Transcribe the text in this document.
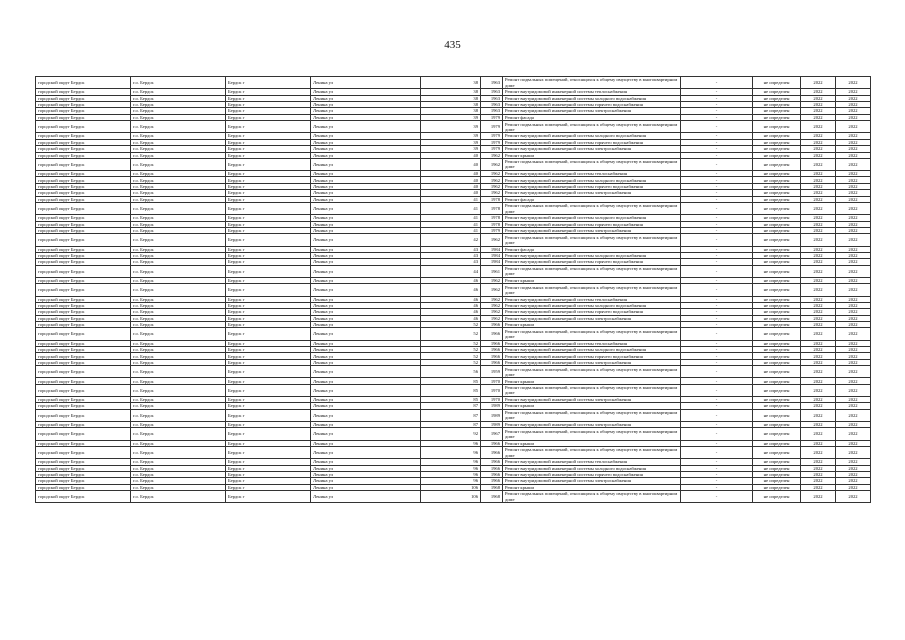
435
городской округ Бердск	г.о. Бердск	Бердск г	Ленина ул	38	1963	Ремонт подвальных помещений, относящихся к общему имуществу в многоквартирном доме	-	не определен	2022	2022
городской округ Бердск	г.о. Бердск	Бердск г	Ленина ул	38	1963	Ремонт внутридомовой инженерной системы теплоснабжения	-	не определен	2022	2022
городской округ Бердск	г.о. Бердск	Бердск г	Ленина ул	38	1963	Ремонт внутридомовой инженерной системы холодного водоснабжения	-	не определен	2022	2022
городской округ Бердск	г.о. Бердск	Бердск г	Ленина ул	38	1963	Ремонт внутридомовой инженерной системы горячего водоснабжения	-	не определен	2022	2022
городской округ Бердск	г.о. Бердск	Бердск г	Ленина ул	38	1963	Ремонт внутридомовой инженерной системы электроснабжения	-	не определен	2022	2022
городской округ Бердск	г.о. Бердск	Бердск г	Ленина ул	39	1979	Ремонт фасада	-	не определен	2022	2022
городской округ Бердск	г.о. Бердск	Бердск г	Ленина ул	39	1979	Ремонт подвальных помещений, относящихся к общему имуществу в многоквартирном доме	-	не определен	2022	2022
городской округ Бердск	г.о. Бердск	Бердск г	Ленина ул	39	1979	Ремонт внутридомовой инженерной системы холодного водоснабжения	-	не определен	2022	2022
городской округ Бердск	г.о. Бердск	Бердск г	Ленина ул	39	1979	Ремонт внутридомовой инженерной системы горячего водоснабжения	-	не определен	2022	2022
городской округ Бердск	г.о. Бердск	Бердск г	Ленина ул	39	1979	Ремонт внутридомовой инженерной системы электроснабжения	-	не определен	2022	2022
городской округ Бердск	г.о. Бердск	Бердск г	Ленина ул	40	1962	Ремонт крыши	-	не определен	2022	2022
городской округ Бердск	г.о. Бердск	Бердск г	Ленина ул	40	1962	Ремонт подвальных помещений, относящихся к общему имуществу в многоквартирном доме	-	не определен	2022	2022
городской округ Бердск	г.о. Бердск	Бердск г	Ленина ул	40	1962	Ремонт внутридомовой инженерной системы теплоснабжения	-	не определен	2022	2022
городской округ Бердск	г.о. Бердск	Бердск г	Ленина ул	40	1962	Ремонт внутридомовой инженерной системы холодного водоснабжения	-	не определен	2022	2022
городской округ Бердск	г.о. Бердск	Бердск г	Ленина ул	40	1962	Ремонт внутридомовой инженерной системы горячего водоснабжения	-	не определен	2022	2022
городской округ Бердск	г.о. Бердск	Бердск г	Ленина ул	40	1962	Ремонт внутридомовой инженерной системы электроснабжения	-	не определен	2022	2022
городской округ Бердск	г.о. Бердск	Бердск г	Ленина ул	41	1978	Ремонт фасада	-	не определен	2022	2022
городской округ Бердск	г.о. Бердск	Бердск г	Ленина ул	41	1978	Ремонт подвальных помещений, относящихся к общему имуществу в многоквартирном доме	-	не определен	2022	2022
городской округ Бердск	г.о. Бердск	Бердск г	Ленина ул	41	1978	Ремонт внутридомовой инженерной системы холодного водоснабжения	-	не определен	2022	2022
городской округ Бердск	г.о. Бердск	Бердск г	Ленина ул	41	1978	Ремонт внутридомовой инженерной системы горячего водоснабжения	-	не определен	2022	2022
городской округ Бердск	г.о. Бердск	Бердск г	Ленина ул	41	1979	Ремонт внутридомовой инженерной системы электроснабжения	-	не определен	2022	2022
городской округ Бердск	г.о. Бердск	Бердск г	Ленина ул	42	1962	Ремонт подвальных помещений, относящихся к общему имуществу в многоквартирном доме	-	не определен	2022	2022
городской округ Бердск	г.о. Бердск	Бердск г	Ленина ул	43	1984	Ремонт фасада	-	не определен	2022	2022
городской округ Бердск	г.о. Бердск	Бердск г	Ленина ул	43	1984	Ремонт внутридомовой инженерной системы холодного водоснабжения	-	не определен	2022	2022
городской округ Бердск	г.о. Бердск	Бердск г	Ленина ул	43	1984	Ремонт внутридомовой инженерной системы горячего водоснабжения	-	не определен	2022	2022
городской округ Бердск	г.о. Бердск	Бердск г	Ленина ул	44	1961	Ремонт подвальных помещений, относящихся к общему имуществу в многоквартирном доме	-	не определен	2022	2022
городской округ Бердск	г.о. Бердск	Бердск г	Ленина ул	46	1962	Ремонт крыши	-	не определен	2022	2022
городской округ Бердск	г.о. Бердск	Бердск г	Ленина ул	46	1962	Ремонт подвальных помещений, относящихся к общему имуществу в многоквартирном доме	-	не определен	2022	2022
городской округ Бердск	г.о. Бердск	Бердск г	Ленина ул	46	1962	Ремонт внутридомовой инженерной системы теплоснабжения	-	не определен	2022	2022
городской округ Бердск	г.о. Бердск	Бердск г	Ленина ул	46	1962	Ремонт внутридомовой инженерной системы холодного водоснабжения	-	не определен	2022	2022
городской округ Бердск	г.о. Бердск	Бердск г	Ленина ул	46	1962	Ремонт внутридомовой инженерной системы горячего водоснабжения	-	не определен	2022	2022
городской округ Бердск	г.о. Бердск	Бердск г	Ленина ул	46	1962	Ремонт внутридомовой инженерной системы электроснабжения	-	не определен	2022	2022
городской округ Бердск	г.о. Бердск	Бердск г	Ленина ул	52	1966	Ремонт крыши	-	не определен	2022	2022
городской округ Бердск	г.о. Бердск	Бердск г	Ленина ул	52	1966	Ремонт подвальных помещений, относящихся к общему имуществу в многоквартирном доме	-	не определен	2022	2022
городской округ Бердск	г.о. Бердск	Бердск г	Ленина ул	52	1966	Ремонт внутридомовой инженерной системы теплоснабжения	-	не определен	2022	2022
городской округ Бердск	г.о. Бердск	Бердск г	Ленина ул	52	1966	Ремонт внутридомовой инженерной системы холодного водоснабжения	-	не определен	2022	2022
городской округ Бердск	г.о. Бердск	Бердск г	Ленина ул	52	1966	Ремонт внутридомовой инженерной системы горячего водоснабжения	-	не определен	2022	2022
городской округ Бердск	г.о. Бердск	Бердск г	Ленина ул	52	1966	Ремонт внутридомовой инженерной системы электроснабжения	-	не определен	2022	2022
городской округ Бердск	г.о. Бердск	Бердск г	Ленина ул	56	1959	Ремонт подвальных помещений, относящихся к общему имуществу в многоквартирном доме	-	не определен	2022	2022
городской округ Бердск	г.о. Бердск	Бердск г	Ленина ул	85	1970	Ремонт крыши	-	не определен	2022	2022
городской округ Бердск	г.о. Бердск	Бердск г	Ленина ул	85	1970	Ремонт подвальных помещений, относящихся к общему имуществу в многоквартирном доме	-	не определен	2022	2022
городской округ Бердск	г.о. Бердск	Бердск г	Ленина ул	85	1970	Ремонт внутридомовой инженерной системы электроснабжения	-	не определен	2022	2022
городской округ Бердск	г.о. Бердск	Бердск г	Ленина ул	87	1989	Ремонт крыши	-	не определен	2022	2022
городской округ Бердск	г.о. Бердск	Бердск г	Ленина ул	87	1989	Ремонт подвальных помещений, относящихся к общему имуществу в многоквартирном доме	-	не определен	2022	2022
городской округ Бердск	г.о. Бердск	Бердск г	Ленина ул	87	1989	Ремонт внутридомовой инженерной системы электроснабжения	-	не определен	2022	2022
городской округ Бердск	г.о. Бердск	Бердск г	Ленина ул	92	1967	Ремонт подвальных помещений, относящихся к общему имуществу в многоквартирном доме	-	не определен	2022	2022
городской округ Бердск	г.о. Бердск	Бердск г	Ленина ул	96	1966	Ремонт крыши	-	не определен	2022	2022
городской округ Бердск	г.о. Бердск	Бердск г	Ленина ул	96	1966	Ремонт подвальных помещений, относящихся к общему имуществу в многоквартирном доме	-	не определен	2022	2022
городской округ Бердск	г.о. Бердск	Бердск г	Ленина ул	96	1966	Ремонт внутридомовой инженерной системы теплоснабжения	-	не определен	2022	2022
городской округ Бердск	г.о. Бердск	Бердск г	Ленина ул	96	1966	Ремонт внутридомовой инженерной системы холодного водоснабжения	-	не определен	2022	2022
городской округ Бердск	г.о. Бердск	Бердск г	Ленина ул	96	1966	Ремонт внутридомовой инженерной системы горячего водоснабжения	-	не определен	2022	2022
городской округ Бердск	г.о. Бердск	Бердск г	Ленина ул	96	1966	Ремонт внутридомовой инженерной системы электроснабжения	-	не определен	2022	2022
городской округ Бердск	г.о. Бердск	Бердск г	Ленина ул	106	1968	Ремонт крыши	-	не определен	2022	2022
городской округ Бердск	г.о. Бердск	Бердск г	Ленина ул	106	1968	Ремонт подвальных помещений, относящихся к общему имуществу в многоквартирном доме	-	не определен	2022	2022
